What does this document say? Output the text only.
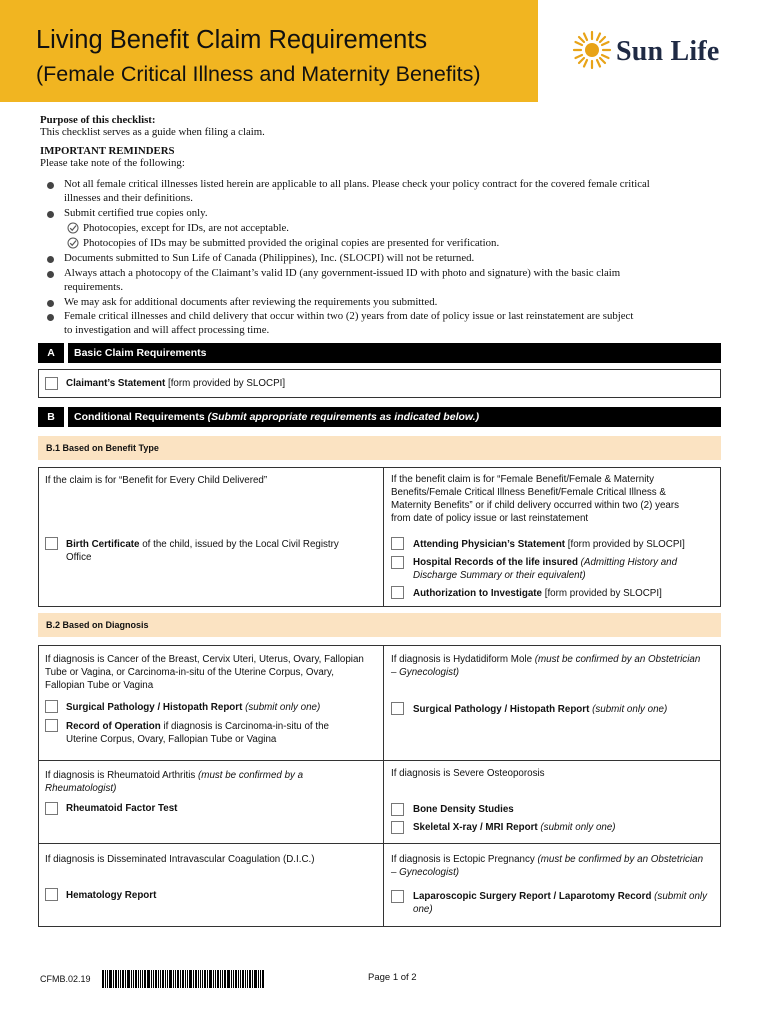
Living Benefit Claim Requirements
(Female Critical Illness and Maternity Benefits)
Sun Life
Purpose of this checklist:
This checklist serves as a guide when filing a claim.
IMPORTANT REMINDERS
Please take note of the following:
Not all female critical illnesses listed herein are applicable to all plans. Please check your policy contract for the covered female critical
illnesses and their definitions.
Submit certified true copies only.
Photocopies, except for IDs, are not acceptable.
Photocopies of IDs may be submitted provided the original copies are presented for verification.
Documents submitted to Sun Life of Canada (Philippines), Inc. (SLOCPI) will not be returned.
Always attach a photocopy of the Claimant’s valid ID (any government-issued ID with photo and signature) with the basic claim
requirements.
We may ask for additional documents after reviewing the requirements you submitted.
Female critical illnesses and child delivery that occur within two (2) years from date of policy issue or last reinstatement are subject
to investigation and will affect processing time.
A	Basic Claim Requirements
Claimant’s Statement [form provided by SLOCPI]
B	Conditional Requirements (Submit appropriate requirements as indicated below.)
B.1 Based on Benefit Type
If the claim is for “Benefit for Every Child Delivered”
Birth Certificate of the child, issued by the Local Civil Registry
Office
If the benefit claim is for “Female Benefit/Female & Maternity
Benefits/Female Critical Illness Benefit/Female Critical Illness &
Maternity Benefits” or if child delivery occurred within two (2) years
from date of policy issue or last reinstatement
Attending Physician’s Statement [form provided by SLOCPI]
Hospital Records of the life insured (Admitting History and
Discharge Summary or their equivalent)
Authorization to Investigate [form provided by SLOCPI]
B.2 Based on Diagnosis
If diagnosis is Cancer of the Breast, Cervix Uteri, Uterus, Ovary, Fallopian
Tube or Vagina, or Carcinoma-in-situ of the Uterine Corpus, Ovary,
Fallopian Tube or Vagina
Surgical Pathology / Histopath Report (submit only one)
Record of Operation if diagnosis is Carcinoma-in-situ of the
Uterine Corpus, Ovary, Fallopian Tube or Vagina
If diagnosis is Hydatidiform Mole (must be confirmed by an Obstetrician
– Gynecologist)
Surgical Pathology / Histopath Report (submit only one)
If diagnosis is Rheumatoid Arthritis (must be confirmed by a
Rheumatologist)
Rheumatoid Factor Test
If diagnosis is Severe Osteoporosis
Bone Density Studies
Skeletal X-ray / MRI Report (submit only one)
If diagnosis is Disseminated Intravascular Coagulation (D.I.C.)
Hematology Report
If diagnosis is Ectopic Pregnancy (must be confirmed by an Obstetrician
– Gynecologist)
Laparoscopic Surgery Report / Laparotomy Record (submit only
one)
CFMB.02.19	Page 1 of 2
